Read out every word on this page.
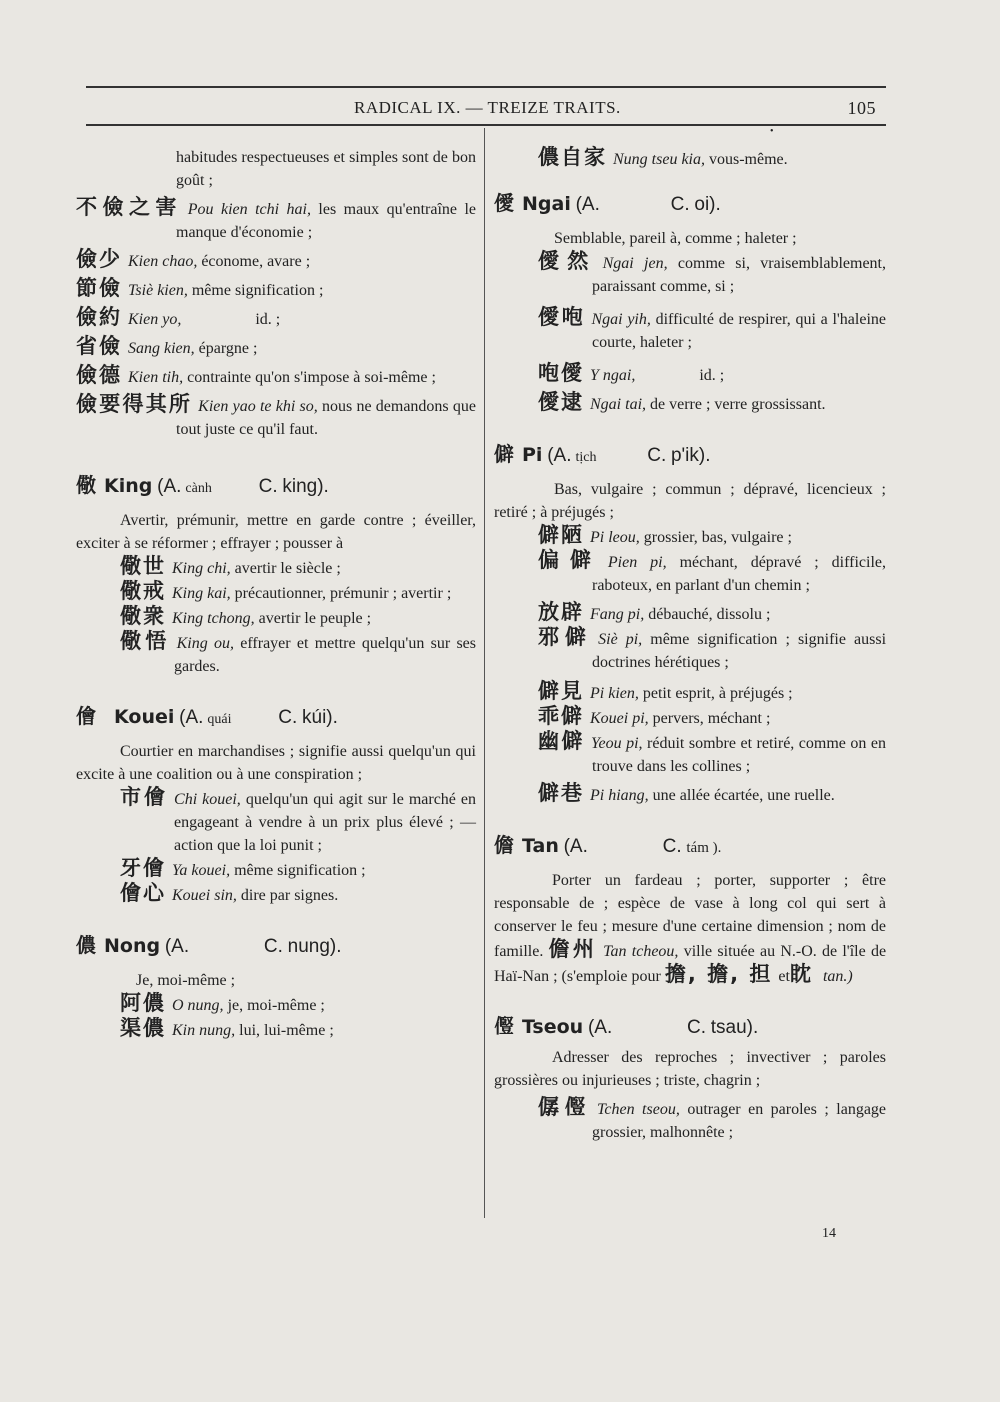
RADICAL IX. — TREIZE TRAITS.	105
•
habitudes respectueuses et simples sont de bon goût ;
不儉之害 Pou kien tchi hai, les maux qu'entraîne le manque d'économie ;
儉少 Kien chao, économe, avare ;
節儉 Tsiè kien, même signification ;
儉約 Kien yo,	id. ;
省儉 Sang kien, épargne ;
儉德 Kien tih, contrainte qu'on s'impose à soi-même ;
儉要得其所 Kien yao te khi so, nous ne demandons que tout juste ce qu'il faut.
儆 King (A. cành C. king).
Avertir, prémunir, mettre en garde contre ; éveiller, exciter à se réformer ; effrayer ; pousser à
儆世 King chi, avertir le siècle ;
儆戒 King kai, précautionner, prémunir ; avertir ;
儆衆 King tchong, avertir le peuple ;
儆悟 King ou, effrayer et mettre quelqu'un sur ses gardes.
儈 Kouei (A. quái C. kúi).
Courtier en marchandises ; signifie aussi quelqu'un qui excite à une coalition ou à une conspiration ;
市儈 Chi kouei, quelqu'un qui agit sur le marché en engageant à vendre à un prix plus élevé ; — action que la loi punit ;
牙儈 Ya kouei, même signification ;
儈心 Kouei sin, dire par signes.
儂 Nong (A.	C. nung).
Je, moi-même ;
阿儂 O nung, je, moi-même ;
渠儂 Kin nung, lui, lui-même ;
儂自家 Nung tseu kia, vous-même.
僾 Ngai (A.	C. oi).
Semblable, pareil à, comme ; haleter ;
僾然 Ngai jen, comme si, vraisemblablement, paraissant comme, si ;
僾咆 Ngai yih, difficulté de respirer, qui a l'haleine courte, haleter ;
咆僾 Y ngai,	id. ;
僾逮 Ngai tai, de verre ; verre grossissant.
僻 Pi (A. tịch	C. p'ik).
Bas, vulgaire ; commun ; dépravé, licencieux ; retiré ; à préjugés ;
僻陋 Pi leou, grossier, bas, vulgaire ;
偏僻 Pien pi, méchant, dépravé ; difficile, raboteux, en parlant d'un chemin ;
放辟 Fang pi, débauché, dissolu ;
邪僻 Siè pi, même signification ; signifie aussi doctrines hérétiques ;
僻見 Pi kien, petit esprit, à préjugés ;
乖僻 Kouei pi, pervers, méchant ;
幽僻 Yeou pi, réduit sombre et retiré, comme on en trouve dans les collines ;
僻巷 Pi hiang, une allée écartée, une ruelle.
儋 Tan (A.	C. tám ).
Porter un fardeau ; porter, supporter ; être responsable de ; espèce de vase à long col qui sert à conserver le feu ; mesure d'une certaine dimension ; nom de famille. 儋州 Tan tcheou, ville située au N.-O. de l'île de Haï-Nan ; (s'emploie pour 擔, 擔, 担 et眈 tan.)
𠐊 Tseou (A.	C. tsau).
Adresser des reproches ; invectiver ; paroles grossières ou injurieuses ; triste, chagrin ;
僝𠐊 Tchen tseou, outrager en paroles ; langage grossier, malhonnête ;
14
